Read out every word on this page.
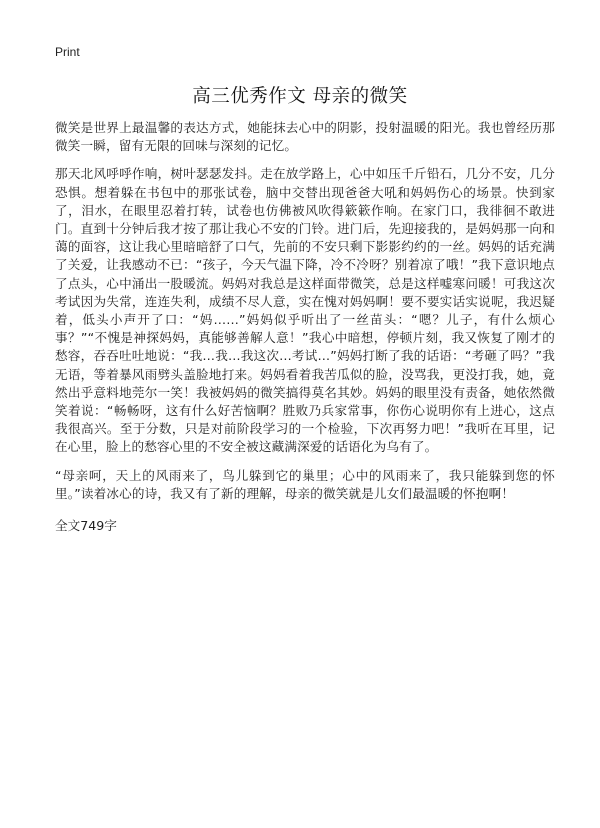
Print
高三优秀作文 母亲的微笑

微笑是世界上最温馨的表达方式，她能抹去心中的阴影，投射温暖的阳光。我也曾经历那微笑一瞬，留有无限的回味与深刻的记忆。

那天北风呼呼作响，树叶瑟瑟发抖。走在放学路上，心中如压千斤铅石，几分不安，几分恐惧。想着躲在书包中的那张试卷，脑中交替出现爸爸大吼和妈妈伤心的场景。快到家了，泪水，在眼里忍着打转，试卷也仿佛被风吹得簌簌作响。在家门口，我徘徊不敢进门。直到十分钟后我才按了那让我心不安的门铃。进门后，先迎接我的，是妈妈那一向和蔼的面容，这让我心里暗暗舒了口气，先前的不安只剩下影影约约的一丝。妈妈的话充满了关爱，让我感动不已：“孩子，今天气温下降，冷不冷呀？别着凉了哦！”我下意识地点了点头，心中涌出一股暖流。妈妈对我总是这样面带微笑，总是这样嘘寒问暖！可我这次考试因为失常，连连失利，成绩不尽人意，实在愧对妈妈啊！要不要实话实说呢，我迟疑着，低头小声开了口：“妈……”妈妈似乎听出了一丝苗头：“嗯？儿子，有什么烦心事？”“不愧是神探妈妈，真能够善解人意！”我心中暗想，停顿片刻，我又恢复了刚才的愁容，吞吞吐吐地说：“我…我…我这次…考试…”妈妈打断了我的话语：“考砸了吗？”我无语，等着暴风雨劈头盖脸地打来。妈妈看着我苦瓜似的脸，没骂我，更没打我，她，竟然出乎意料地莞尔一笑！我被妈妈的微笑搞得莫名其妙。妈妈的眼里没有责备，她依然微笑着说：“畅畅呀，这有什么好苦恼啊？胜败乃兵家常事，你伤心说明你有上进心，这点我很高兴。至于分数，只是对前阶段学习的一个检验，下次再努力吧！”我听在耳里，记在心里，脸上的愁容心里的不安全被这藏满深爱的话语化为乌有了。

“母亲呵，天上的风雨来了，鸟儿躲到它的巢里；心中的风雨来了，我只能躲到您的怀里。”读着冰心的诗，我又有了新的理解，母亲的微笑就是儿女们最温暖的怀抱啊！

全文749字
